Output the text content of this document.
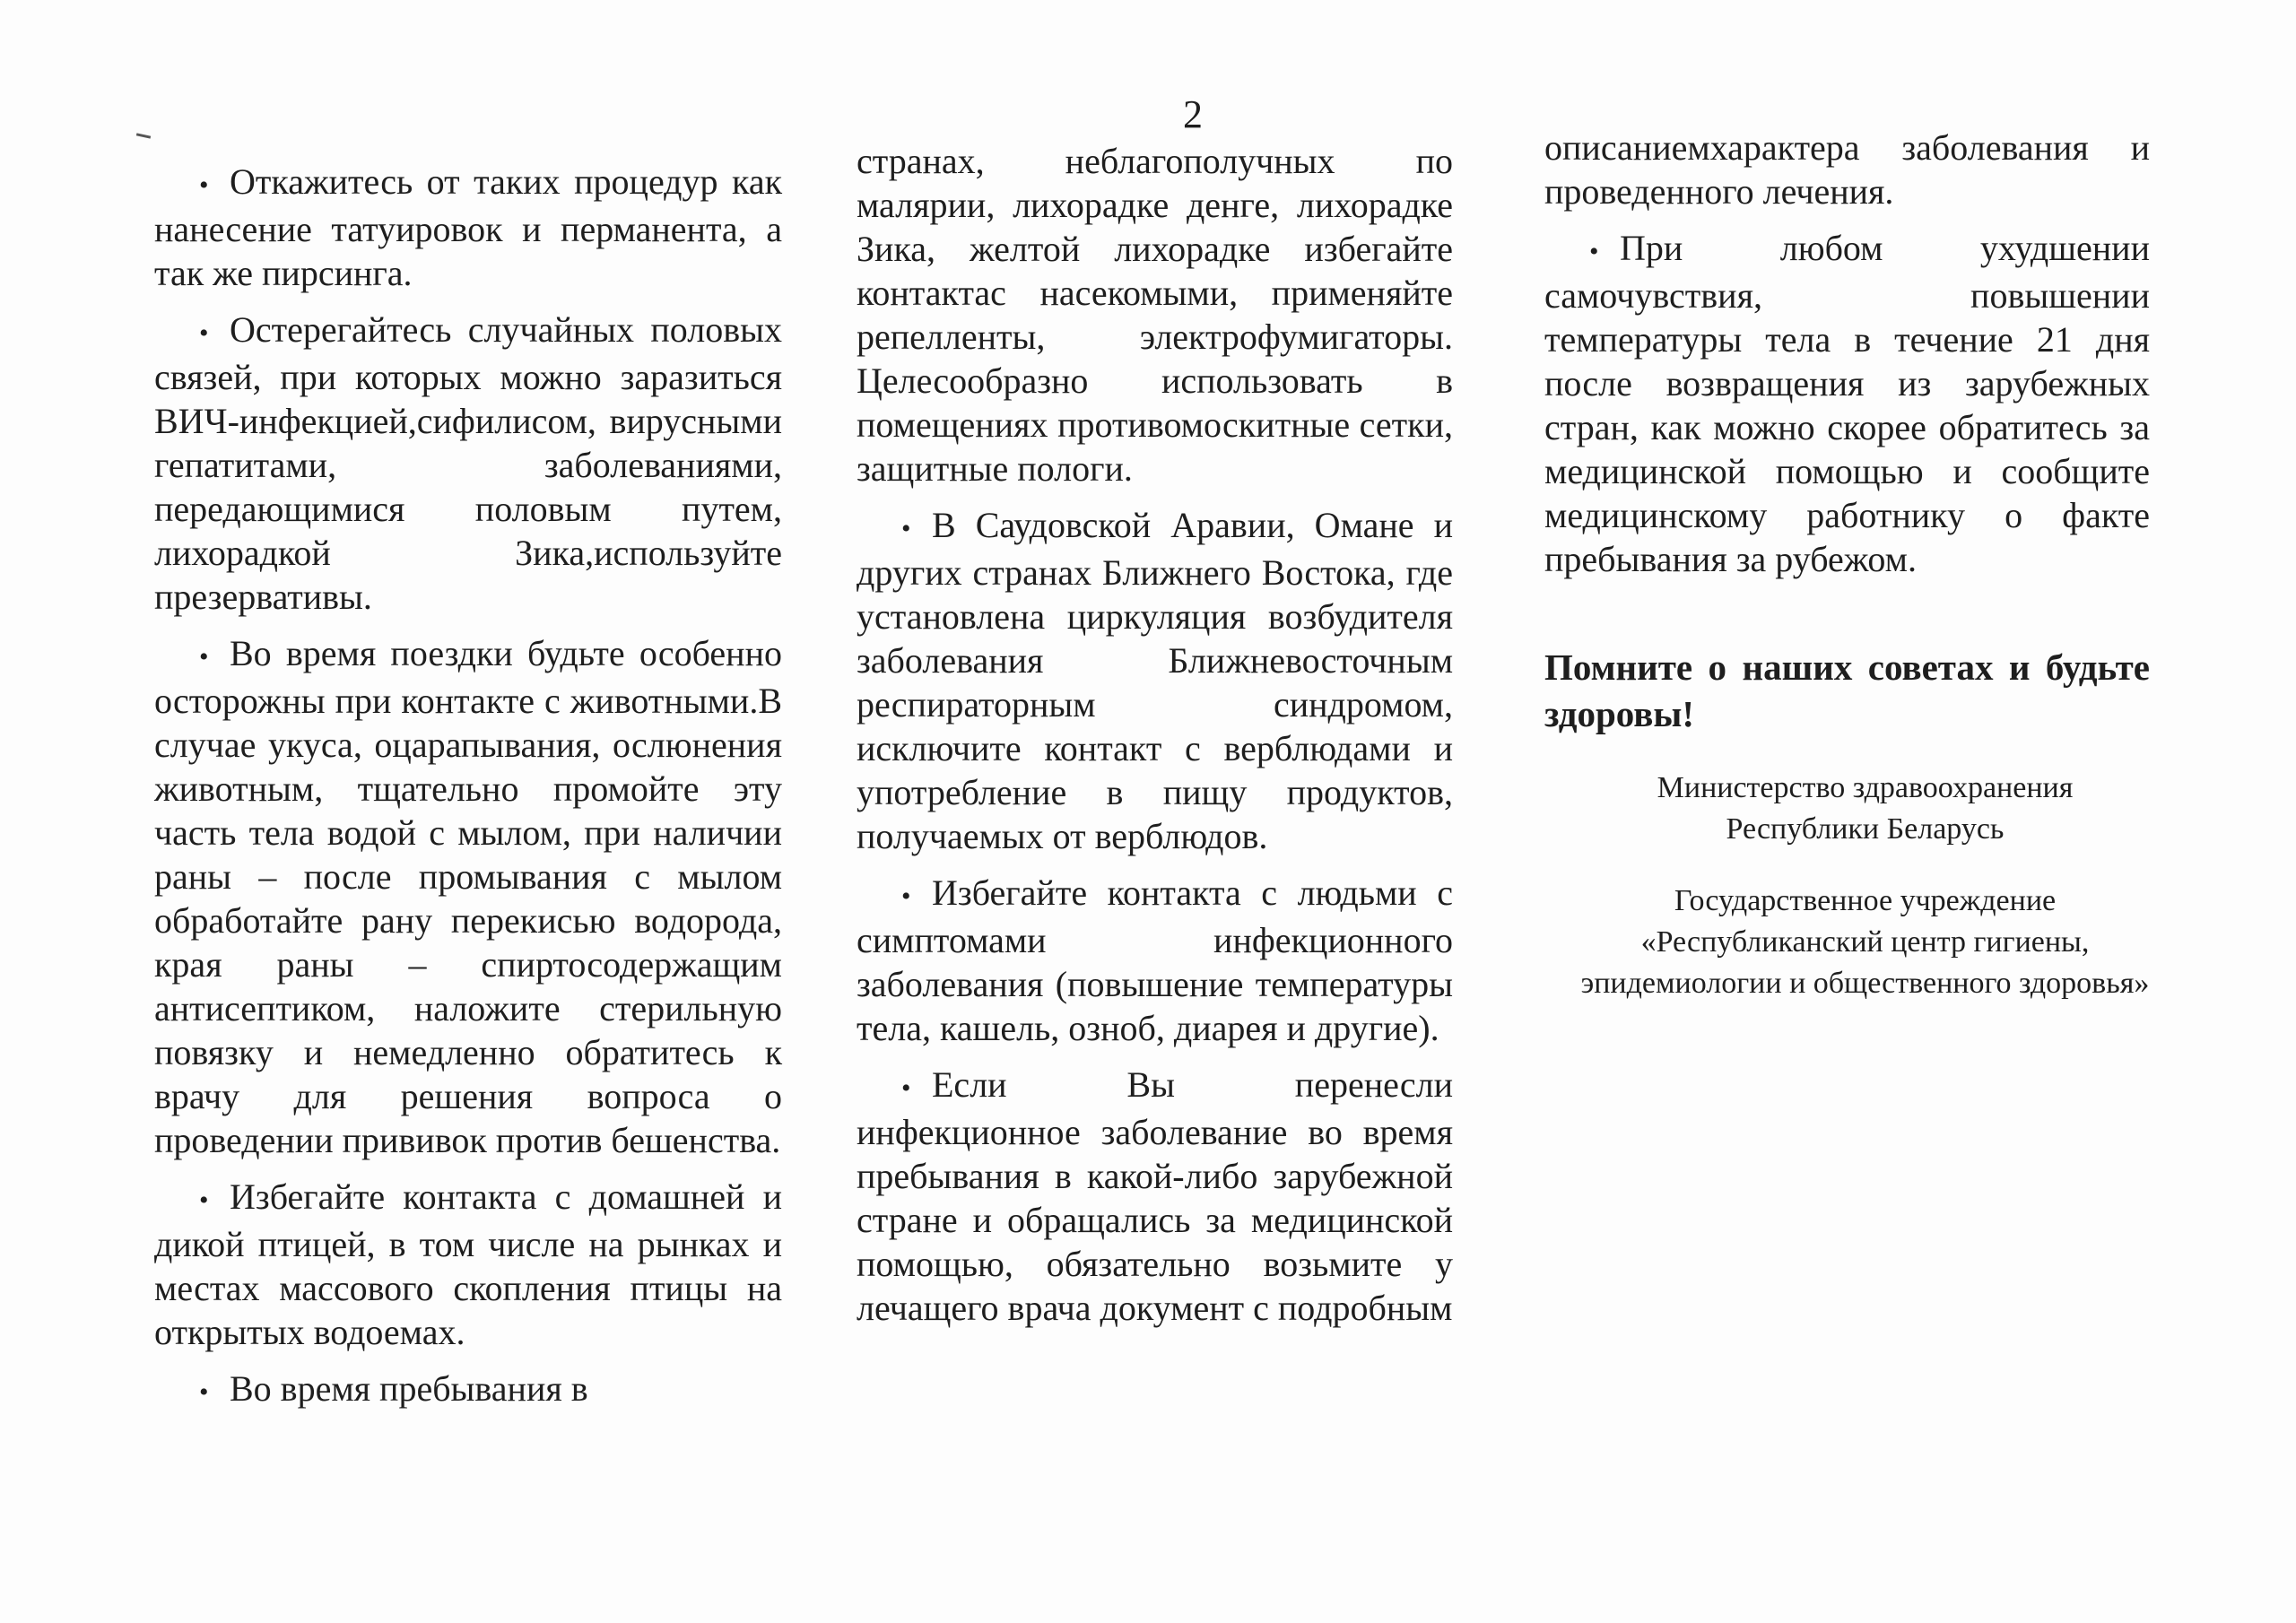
2

• Откажитесь от таких процедур как нанесение татуировок и перманента, а так же пирсинга.

• Остерегайтесь случайных половых связей, при которых можно заразиться ВИЧ-инфекцией,сифилисом, вирусными гепатитами, заболеваниями, передающимися половым путем, лихорадкой Зика,используйте презервативы.

• Во время поездки будьте особенно осторожны при контакте с животными.В случае укуса, оцарапывания, ослюнения животным, тщательно промойте эту часть тела водой с мылом, при наличии раны – после промывания с мылом обработайте рану перекисью водорода, края раны – спиртосодержащим антисептиком, наложите стерильную повязку и немедленно обратитесь к врачу для решения вопроса о проведении прививок против бешенства.

• Избегайте контакта с домашней и дикой птицей, в том числе на рынках и местах массового скопления птицы на открытых водоемах.

• Во время пребывания в

странах, неблагополучных по малярии, лихорадке денге, лихорадке Зика, желтой лихорадке избегайте контактас насекомыми, применяйте репелленты, электрофумигаторы. Целесообразно использовать в помещениях противомоскитные сетки, защитные пологи.

• В Саудовской Аравии, Омане и других странах Ближнего Востока, где установлена циркуляция возбудителя заболевания Ближневосточным респираторным синдромом, исключите контакт с верблюдами и употребление в пищу продуктов, получаемых от верблюдов.

• Избегайте контакта с людьми с симптомами инфекционного заболевания (повышение температуры тела, кашель, озноб, диарея и другие).

• Если Вы перенесли инфекционное заболевание во время пребывания в какой-либо зарубежной стране и обращались за медицинской помощью, обязательно возьмите у лечащего врача документ с подробным

описаниемхарактера заболевания и проведенного лечения.

• При любом ухудшении самочувствия, повышении температуры тела в течение 21 дня после возвращения из зарубежных стран, как можно скорее обратитесь за медицинской помощью и сообщите медицинскому работнику о факте пребывания за рубежом.

Помните о наших советах и будьте здоровы!

Министерство здравоохранения
Республики Беларусь

Государственное учреждение
«Республиканский центр гигиены,
эпидемиологии и общественного здоровья»
